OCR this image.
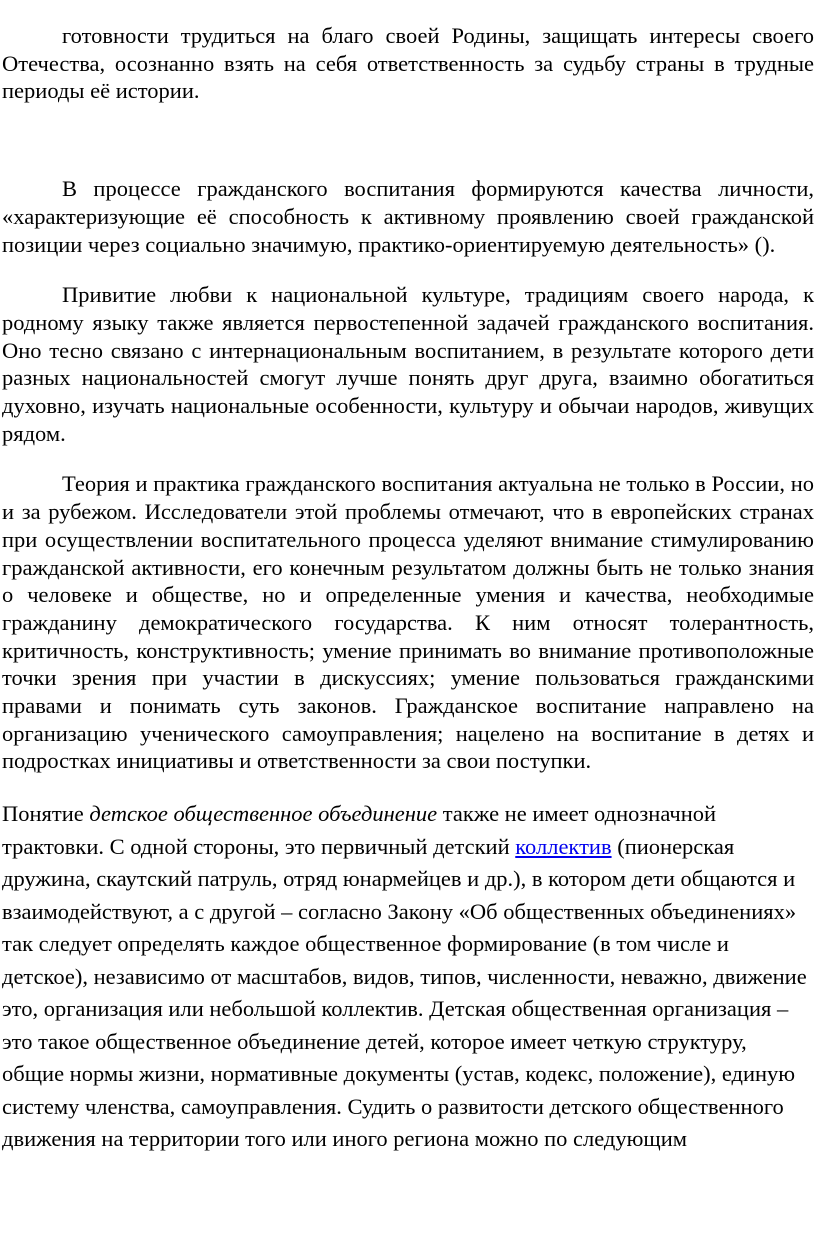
готовности трудиться на благо своей Родины, защищать интересы своего Отечества, осознанно взять на себя ответственность за судьбу страны в трудные периоды её истории.

В процессе гражданского воспитания формируются качества личности, «характеризующие её способность к активному проявлению своей гражданской позиции через социально значимую, практико-ориентируемую деятельность» ().

Привитие любви к национальной культуре, традициям своего народа, к родному языку также является первостепенной задачей гражданского воспитания. Оно тесно связано с интернациональным воспитанием, в результате которого дети разных национальностей смогут лучше понять друг друга, взаимно обогатиться духовно, изучать национальные особенности, культуру и обычаи народов, живущих рядом.

Теория и практика гражданского воспитания актуальна не только в России, но и за рубежом. Исследователи этой проблемы отмечают, что в европейских странах при осуществлении воспитательного процесса уделяют внимание стимулированию гражданской активности, его конечным результатом должны быть не только знания о человеке и обществе, но и определенные умения и качества, необходимые гражданину демократического государства. К ним относят толерантность, критичность, конструктивность; умение принимать во внимание противоположные точки зрения при участии в дискуссиях; умение пользоваться гражданскими правами и понимать суть законов. Гражданское воспитание направлено на организацию ученического самоуправления; нацелено на воспитание в детях и подростках инициативы и ответственности за свои поступки.

Понятие детское общественное объединение также не имеет однозначной трактовки. С одной стороны, это первичный детский коллектив (пионерская дружина, скаутский патруль, отряд юнармейцев и др.), в котором дети общаются и взаимодействуют, а с другой – согласно Закону «Об общественных объединениях» так следует определять каждое общественное формирование (в том числе и детское), независимо от масштабов, видов, типов, численности, неважно, движение это, организация или небольшой коллектив. Детская общественная организация – это такое общественное объединение детей, которое имеет четкую структуру, общие нормы жизни, нормативные документы (устав, кодекс, положение), единую систему членства, самоуправления. Судить о развитости детского общественного движения на территории того или иного региона можно по следующим
